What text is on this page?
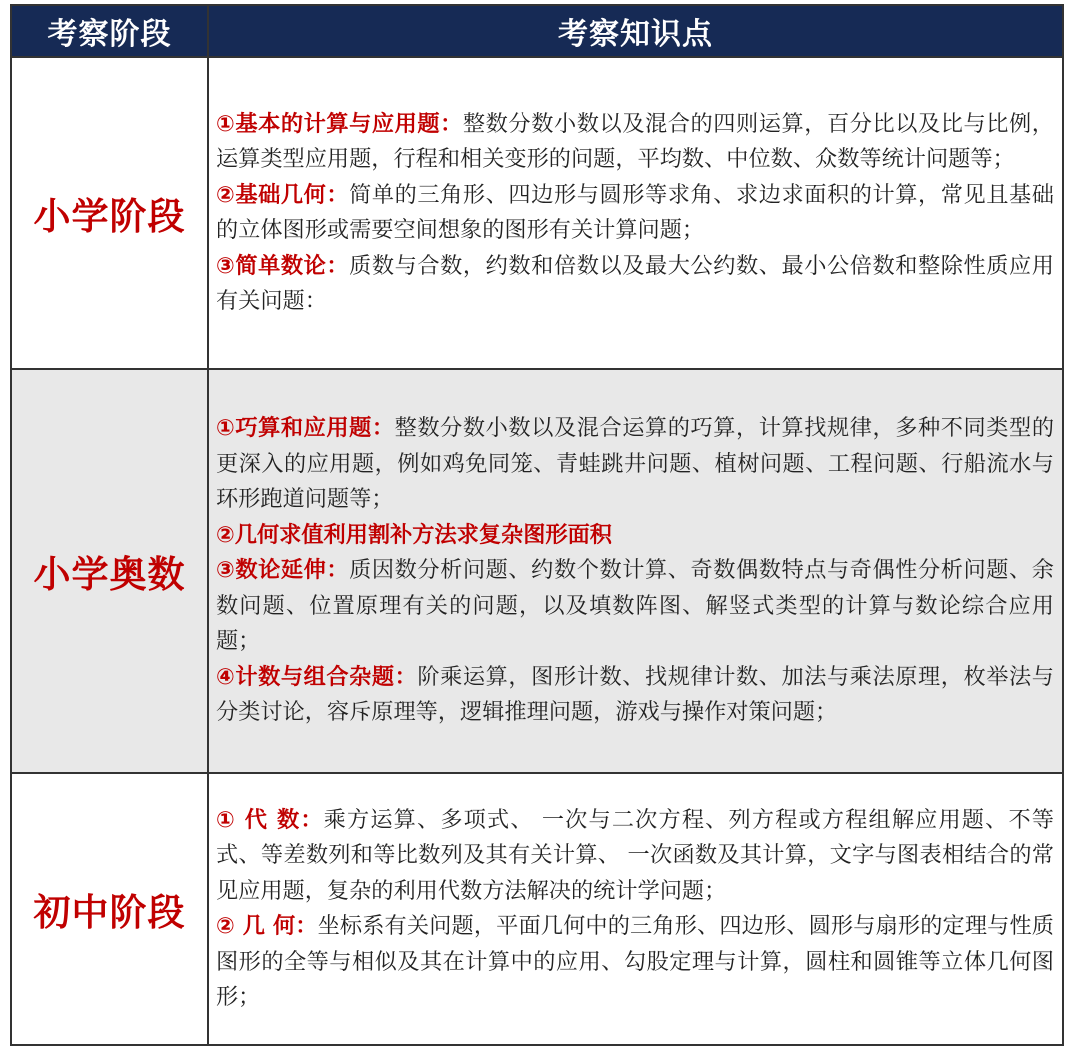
考察阶段	考察知识点
小学阶段
①基本的计算与应用题：整数分数小数以及混合的四则运算，百分比以及比与比例，运算类型应用题，行程和相关变形的问题，平均数、中位数、众数等统计问题等；
②基础几何：简单的三角形、四边形与圆形等求角、求边求面积的计算，常见且基础的立体图形或需要空间想象的图形有关计算问题；
③简单数论：质数与合数，约数和倍数以及最大公约数、最小公倍数和整除性质应用有关问题：
小学奥数
①巧算和应用题：整数分数小数以及混合运算的巧算，计算找规律，多种不同类型的更深入的应用题，例如鸡免同笼、青蛙跳井问题、植树问题、工程问题、行船流水与环形跑道问题等；
②几何求值利用割补方法求复杂图形面积
③数论延伸：质因数分析问题、约数个数计算、奇数偶数特点与奇偶性分析问题、余数问题、位置原理有关的问题，以及填数阵图、解竖式类型的计算与数论综合应用题；
④计数与组合杂题：阶乘运算，图形计数、找规律计数、加法与乘法原理，枚举法与分类讨论，容斥原理等，逻辑推理问题，游戏与操作对策问题；
初中阶段
① 代 数：乘方运算、多项式、 一次与二次方程、列方程或方程组解应用题、不等式、等差数列和等比数列及其有关计算、 一次函数及其计算，文字与图表相结合的常见应用题，复杂的利用代数方法解决的统计学问题；
② 几 何：坐标系有关问题，平面几何中的三角形、四边形、圆形与扇形的定理与性质图形的全等与相似及其在计算中的应用、勾股定理与计算，圆柱和圆锥等立体几何图形；
